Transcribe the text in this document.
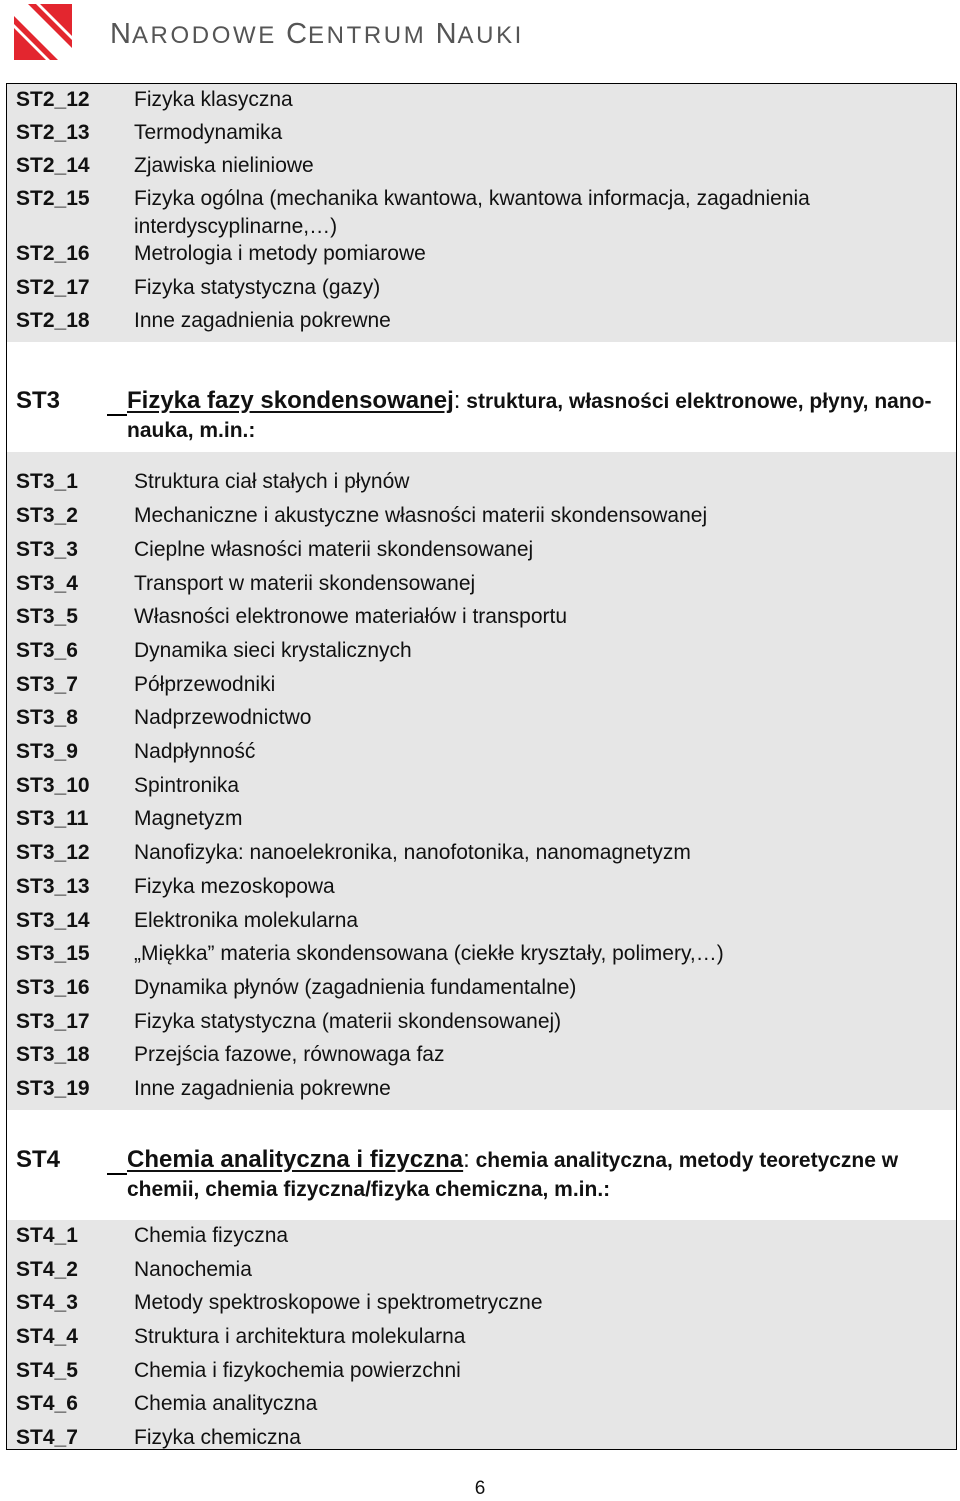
NARODOWE CENTRUM NAUKI
ST2_12 Fizyka klasyczna
ST2_13 Termodynamika
ST2_14 Zjawiska nieliniowe
ST2_15 Fizyka ogólna (mechanika kwantowa, kwantowa informacja, zagadnienia interdyscyplinarne,…)
ST2_16 Metrologia i metody pomiarowe
ST2_17 Fizyka statystyczna (gazy)
ST2_18 Inne zagadnienia pokrewne
ST3	Fizyka fazy skondensowanej: struktura, własności elektronowe, płyny, nano-nauka, m.in.:
ST3_1	Struktura ciał stałych i płynów
ST3_2	Mechaniczne i akustyczne własności materii skondensowanej
ST3_3	Cieplne własności materii skondensowanej
ST3_4	Transport w materii skondensowanej
ST3_5	Własności elektronowe materiałów i transportu
ST3_6	Dynamika sieci krystalicznych
ST3_7	Półprzewodniki
ST3_8	Nadprzewodnictwo
ST3_9	Nadpłynność
ST3_10 Spintronika
ST3_11 Magnetyzm
ST3_12 Nanofizyka: nanoelekronika, nanofotonika, nanomagnetyzm
ST3_13 Fizyka mezoskopowa
ST3_14 Elektronika molekularna
ST3_15 „Miękka” materia skondensowana (ciekłe kryształy, polimery,…)
ST3_16 Dynamika płynów (zagadnienia fundamentalne)
ST3_17 Fizyka statystyczna (materii skondensowanej)
ST3_18 Przejścia fazowe, równowaga faz
ST3_19 Inne zagadnienia pokrewne
ST4	Chemia analityczna i fizyczna: chemia analityczna, metody teoretyczne w chemii, chemia fizyczna/fizyka chemiczna, m.in.:
ST4_1	Chemia fizyczna
ST4_2	Nanochemia
ST4_3	Metody spektroskopowe i spektrometryczne
ST4_4	Struktura i architektura molekularna
ST4_5	Chemia i fizykochemia powierzchni
ST4_6	Chemia analityczna
ST4_7	Fizyka chemiczna
6
